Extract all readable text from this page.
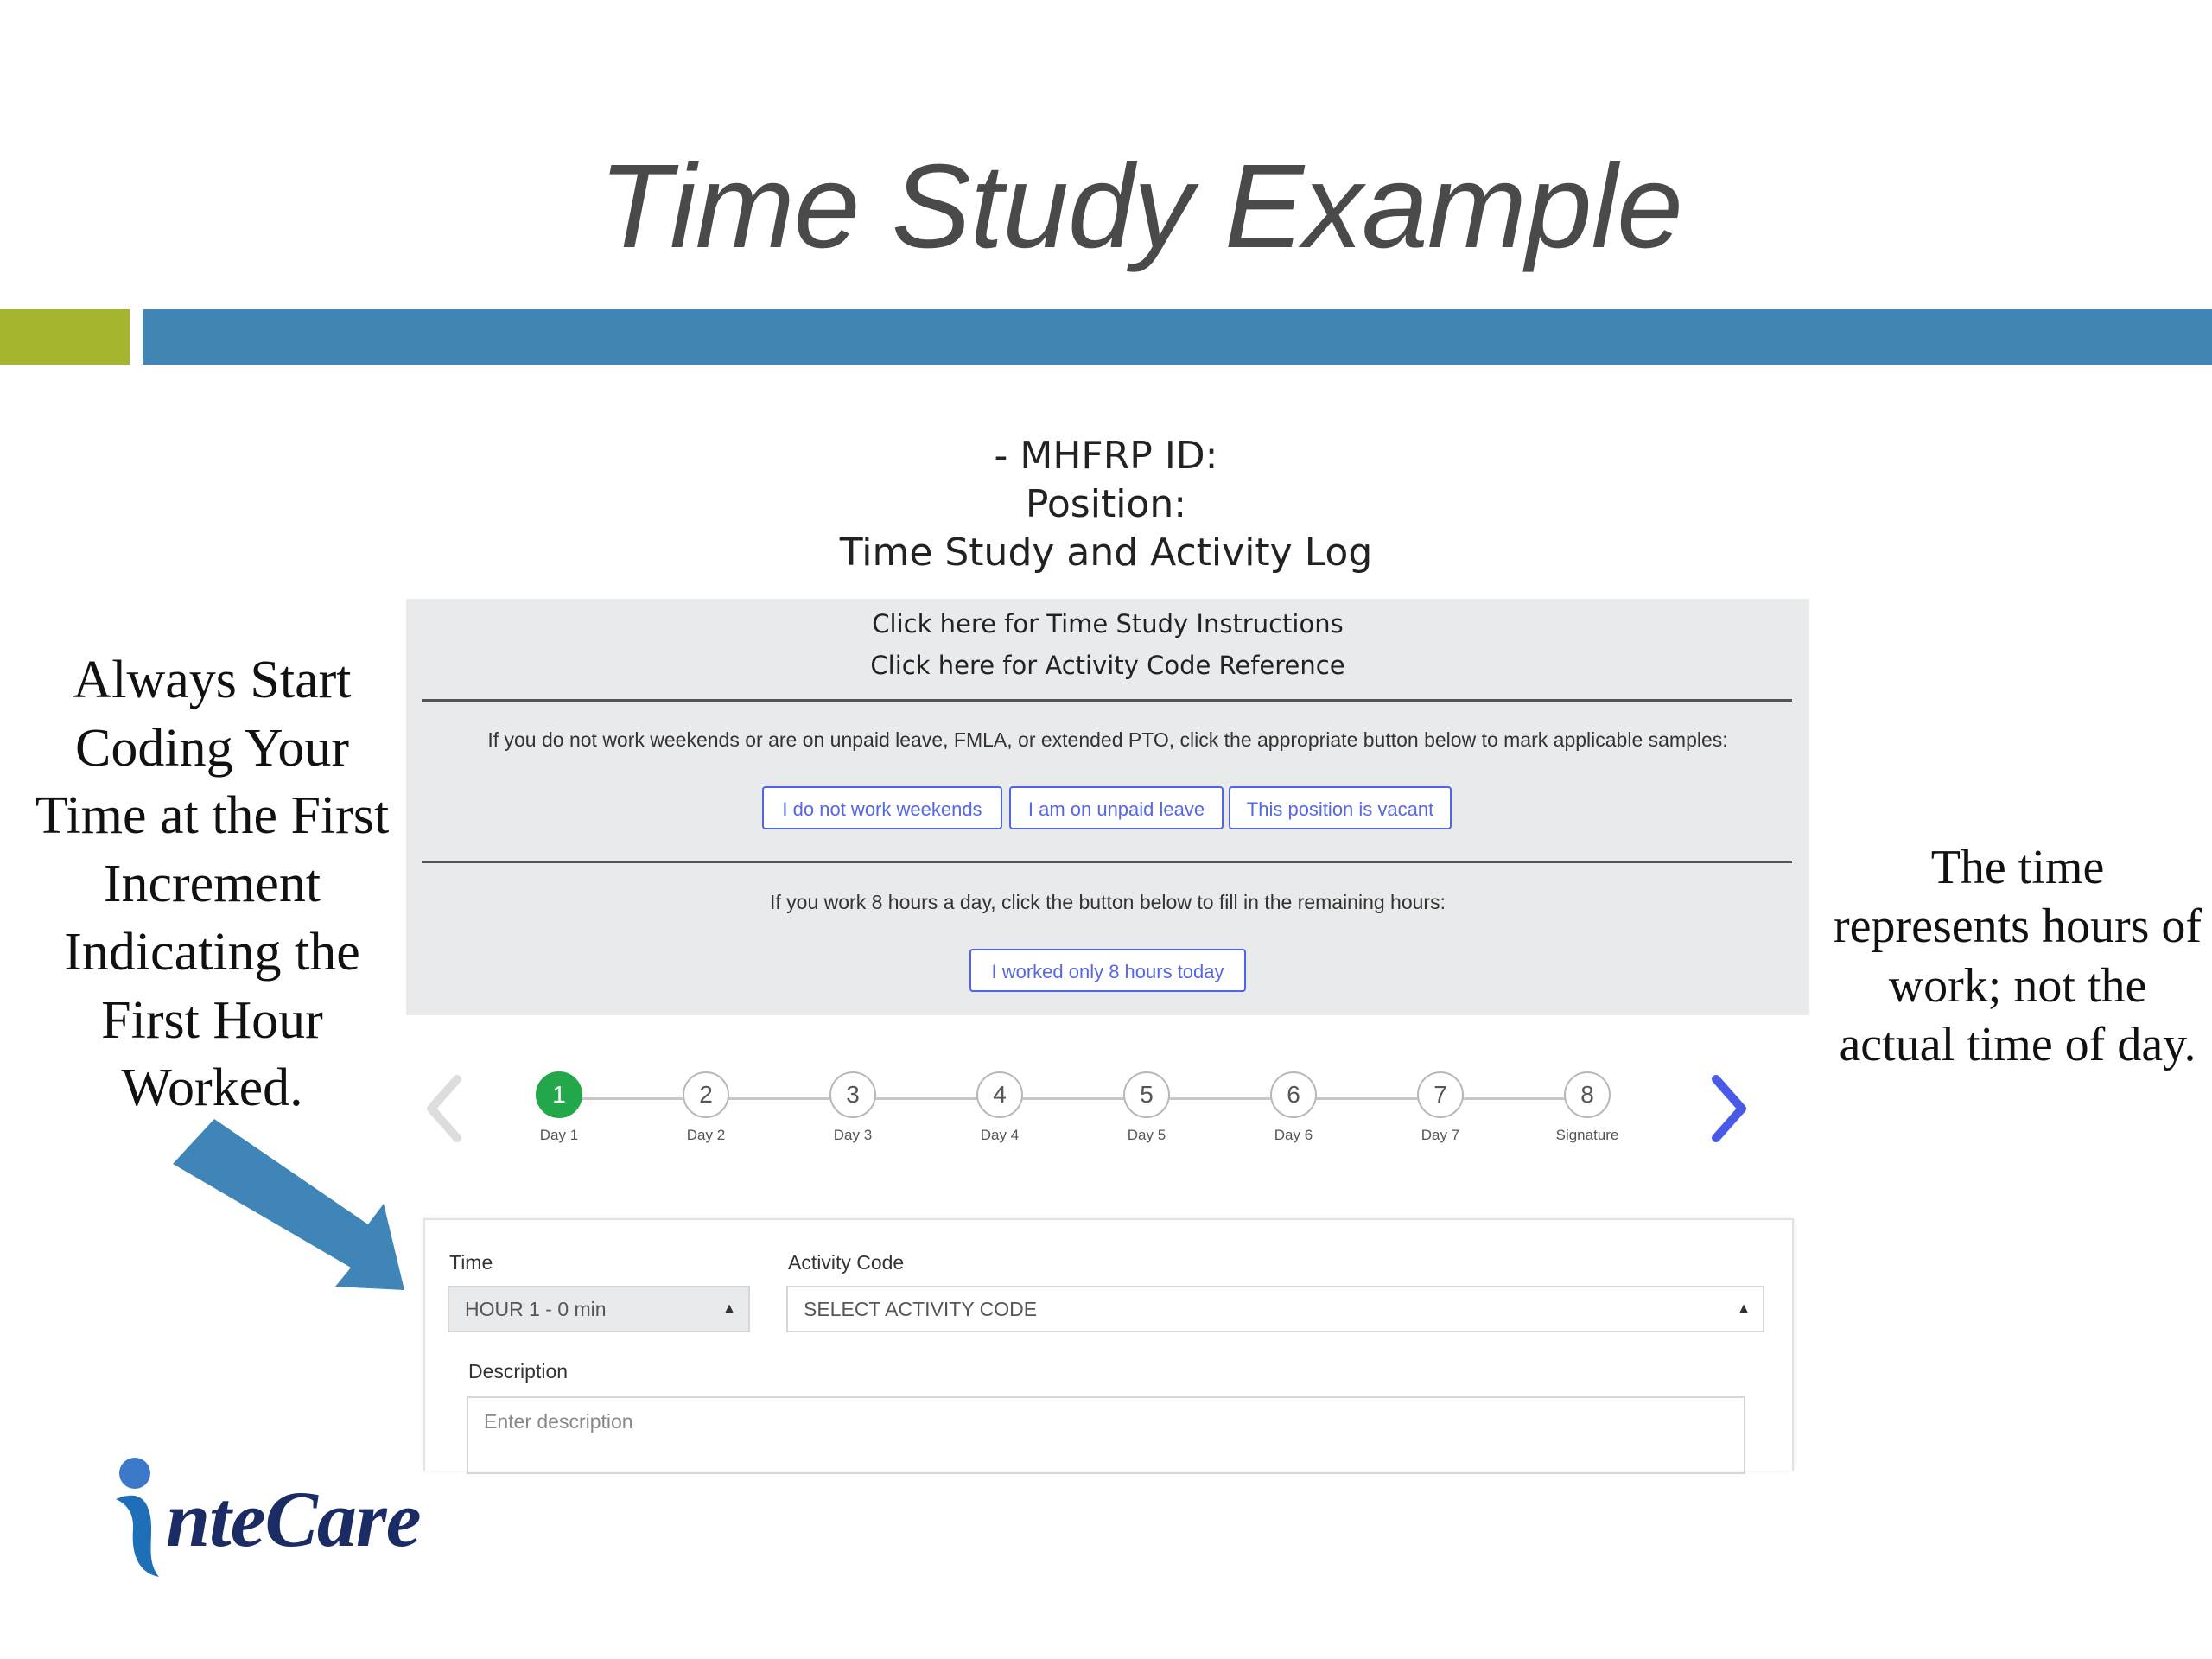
Time Study Example
Always Start Coding Your Time at the First Increment Indicating the First Hour Worked.
The time represents hours of work; not the actual time of day.
- MHFRP ID:
Position:
Time Study and Activity Log
Click here for Time Study Instructions
Click here for Activity Code Reference
If you do not work weekends or are on unpaid leave, FMLA, or extended PTO, click the appropriate button below to mark applicable samples:
I do not work weekends	I am on unpaid leave	This position is vacant
If you work 8 hours a day, click the button below to fill in the remaining hours:
I worked only 8 hours today
1
Day 1
2
Day 2
3
Day 3
4
Day 4
5
Day 5
6
Day 6
7
Day 7
8
Signature
Time
HOUR 1 - 0 min	▲

Activity Code
SELECT ACTIVITY CODE	▲
Description
Enter description
nteCare
